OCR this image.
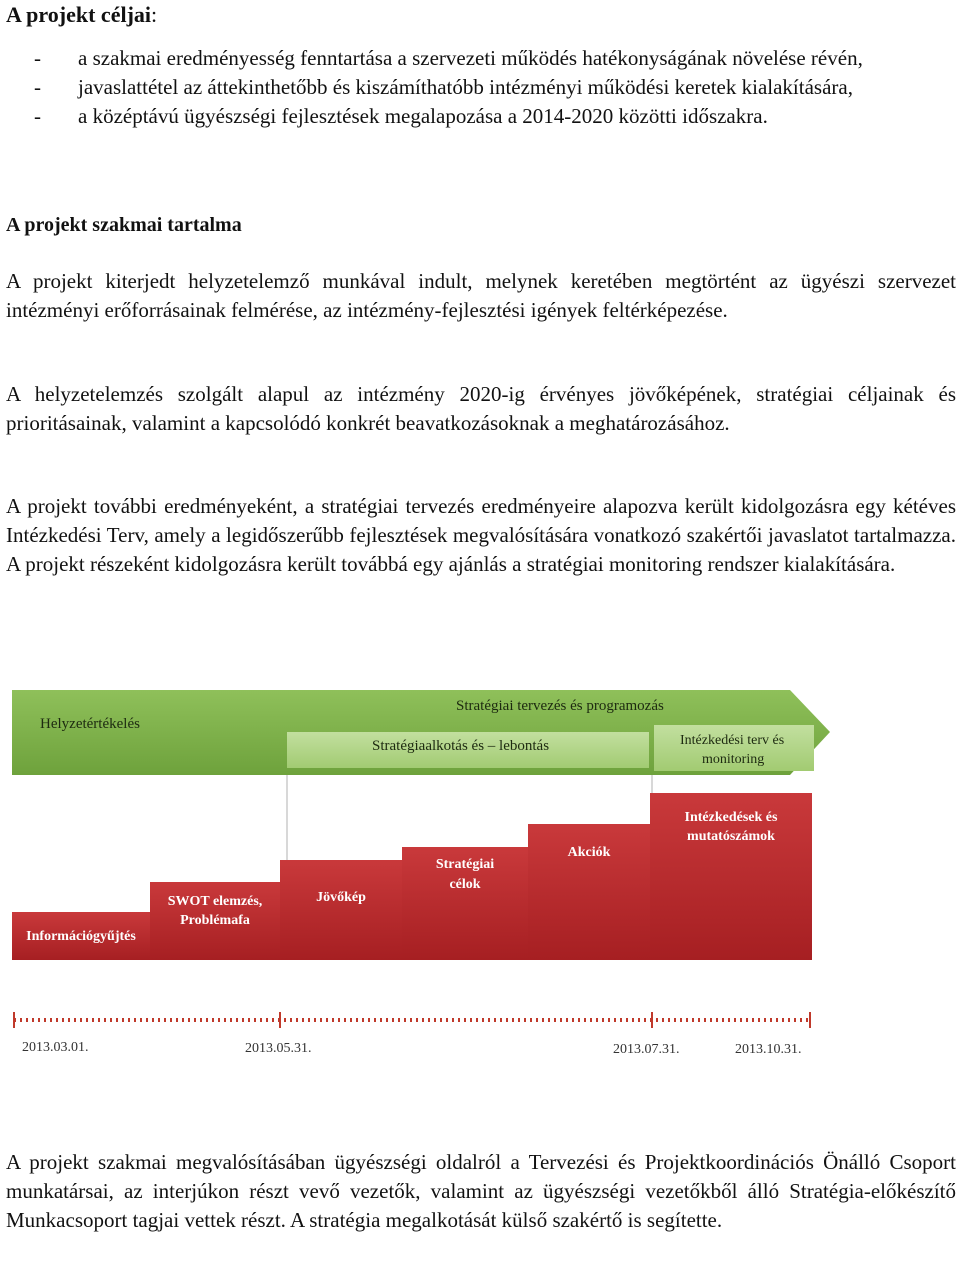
A projekt céljai:
-	a szakmai eredményesség fenntartása a szervezeti működés hatékonyságának növelése révén,
-	javaslattétel az áttekinthetőbb és kiszámíthatóbb intézményi működési keretek kialakítására,
-	a középtávú ügyészségi fejlesztések megalapozása a 2014-2020 közötti időszakra.
A projekt szakmai tartalma

A projekt kiterjedt helyzetelemző munkával indult, melynek keretében megtörtént az ügyészi szervezet intézményi erőforrásainak felmérése, az intézmény-fejlesztési igények feltérképezése.

A helyzetelemzés szolgált alapul az intézmény 2020-ig érvényes jövőképének, stratégiai céljainak és prioritásainak, valamint a kapcsolódó konkrét beavatkozásoknak a meghatározásához.

A projekt további eredményeként, a stratégiai tervezés eredményeire alapozva került kidolgozásra egy kétéves Intézkedési Terv, amely a legidőszerűbb fejlesztések megvalósítására vonatkozó szakértői javaslatot tartalmazza. A projekt részeként kidolgozásra került továbbá egy ajánlás a stratégiai monitoring rendszer kialakítására.

Helyzetértékelés
Stratégiai tervezés és programozás
Stratégiaalkotás és – lebontás	Intézkedési terv és
monitoring
Információgyűjtés
SWOT elemzés,
Problémafa
Jövőkép
Stratégiai
célok
Akciók
Intézkedések és
mutatószámok
2013.03.01.	2013.05.31.	2013.07.31.	2013.10.31.

A projekt szakmai megvalósításában ügyészségi oldalról a Tervezési és Projektkoordinációs Önálló Csoport munkatársai, az interjúkon részt vevő vezetők, valamint az ügyészségi vezetőkből álló Stratégia-előkészítő Munkacsoport tagjai vettek részt. A stratégia megalkotását külső szakértő is segítette.
